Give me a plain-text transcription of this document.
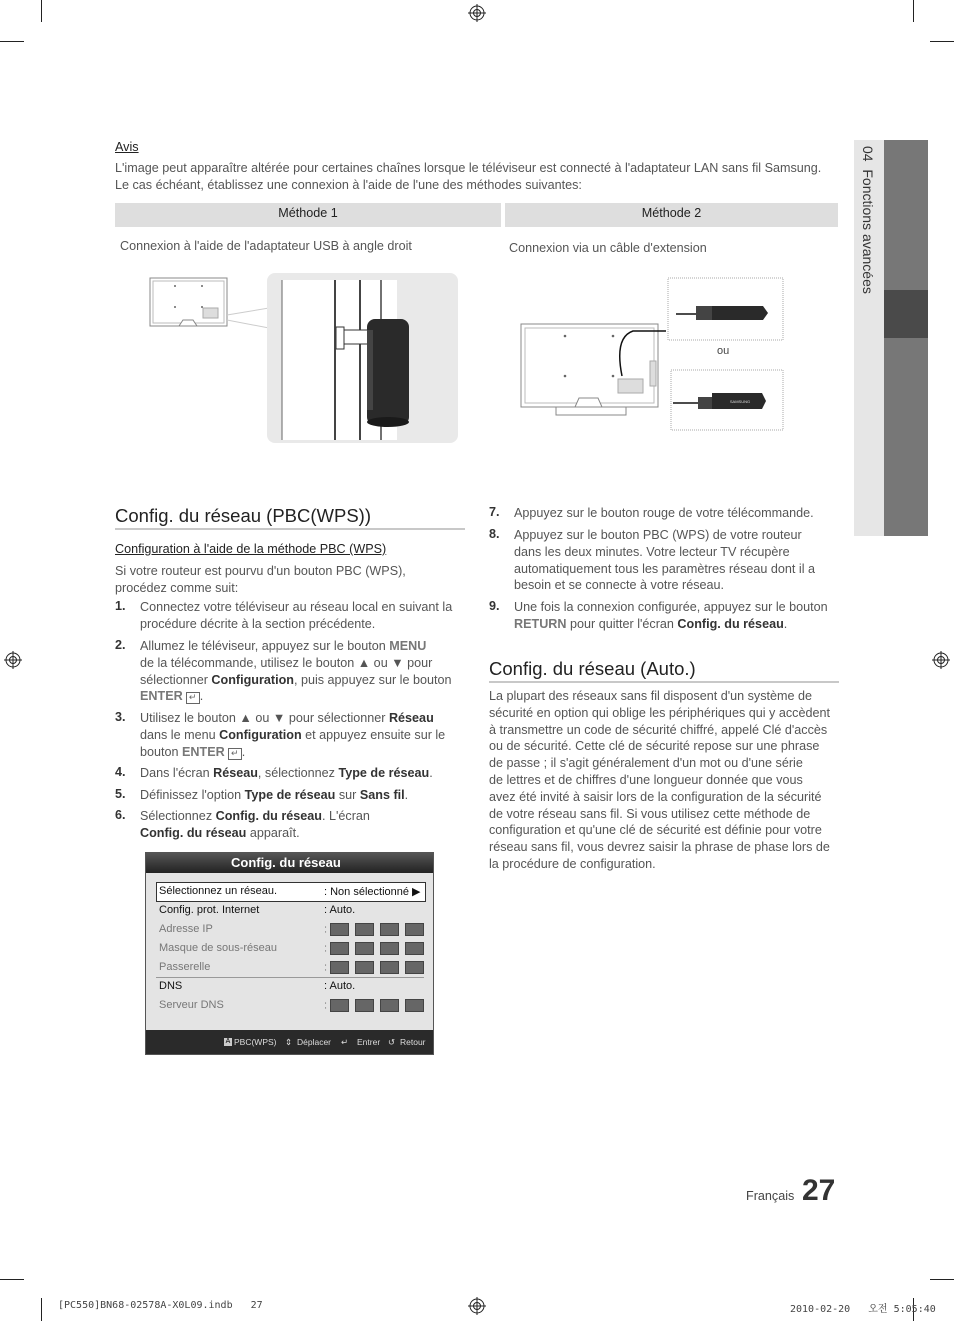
04  Fonctions avancées
Avis
L'image peut apparaître altérée pour certaines chaînes lorsque le téléviseur est connecté à l'adaptateur LAN sans fil Samsung.
Le cas échéant, établissez une connexion à l'aide de l'une des méthodes suivantes:
Méthode 1	Méthode 2
Connexion à l'aide de l'adaptateur USB à angle droit	Connexion via un câble d'extension
SAMSUNG
ou
Config. du réseau (PBC(WPS))
Configuration à l'aide de la méthode PBC (WPS)
Si votre routeur est pourvu d'un bouton PBC (WPS),
procédez comme suit:
1. Connectez votre téléviseur au réseau local en suivant la
procédure décrite à la section précédente.
2. Allumez le téléviseur, appuyez sur le bouton MENU
de la télécommande, utilisez le bouton ▲ ou ▼ pour
sélectionner Configuration, puis appuyez sur le bouton
ENTER ↵ .
3. Utilisez le bouton ▲ ou ▼ pour sélectionner Réseau
dans le menu Configuration et appuyez ensuite sur le
bouton ENTER ↵ .
4. Dans l'écran Réseau, sélectionnez Type de réseau.
5. Définissez l'option Type de réseau sur Sans fil.
6. Sélectionnez Config. du réseau. L'écran
Config. du réseau apparaît.
Config. du réseau
Sélectionnez un réseau.	: Non sélectionné ▶
Config. prot. Internet	: Auto.
Adresse IP	:
Masque de sous-réseau	:
Passerelle	:
DNS	: Auto.
Serveur DNS	:
A PBC(WPS) ⇕ Déplacer ↵ Entrer ↺ Retour
7. Appuyez sur le bouton rouge de votre télécommande.
8. Appuyez sur le bouton PBC (WPS) de votre routeur
dans les deux minutes. Votre lecteur TV récupère
automatiquement tous les paramètres réseau dont il a
besoin et se connecte à votre réseau.
9. Une fois la connexion configurée, appuyez sur le bouton
RETURN pour quitter l'écran Config. du réseau.
Config. du réseau (Auto.)
La plupart des réseaux sans fil disposent d'un système de
sécurité en option qui oblige les périphériques qui y accèdent
à transmettre un code de sécurité chiffré, appelé Clé d'accès
ou de sécurité. Cette clé de sécurité repose sur une phrase
de passe ; il s'agit généralement d'un mot ou d'une série
de lettres et de chiffres d'une longueur donnée que vous
avez été invité à saisir lors de la configuration de la sécurité
de votre réseau sans fil. Si vous utilisez cette méthode de
configuration et qu'une clé de sécurité est définie pour votre
réseau sans fil, vous devrez saisir la phrase de phase lors de
la procédure de configuration.
Français 27
[PC550]BN68-02578A-X0L09.indb   27	2010-02-20   오전 5:05:40
